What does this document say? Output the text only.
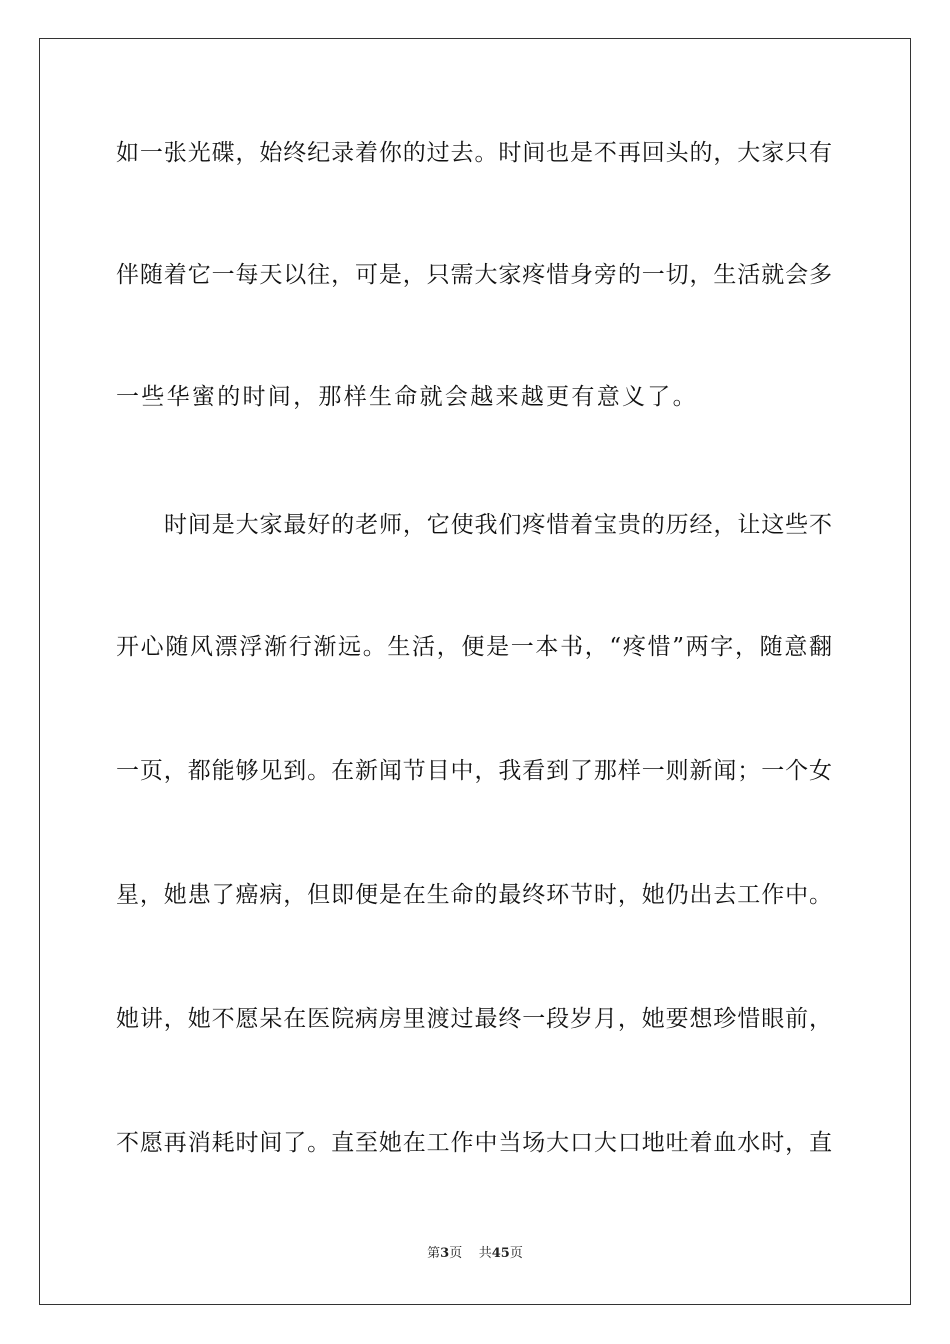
如一张光碟，始终纪录着你的过去。时间也是不再回头的，大家只有
伴随着它一每天以往，可是，只需大家疼惜身旁的一切，生活就会多
一些华蜜的时间，那样生命就会越来越更有意义了。
时间是大家最好的老师，它使我们疼惜着宝贵的历经，让这些不
开心随风漂浮渐行渐远。生活，便是一本书，“疼惜”两字，随意翻
一页，都能够见到。在新闻节目中，我看到了那样一则新闻；一个女
星，她患了癌病，但即便是在生命的最终环节时，她仍出去工作中。
她讲，她不愿呆在医院病房里渡过最终一段岁月，她要想珍惜眼前，
不愿再消耗时间了。直至她在工作中当场大口大口地吐着血水时，直
第3页 共45页
